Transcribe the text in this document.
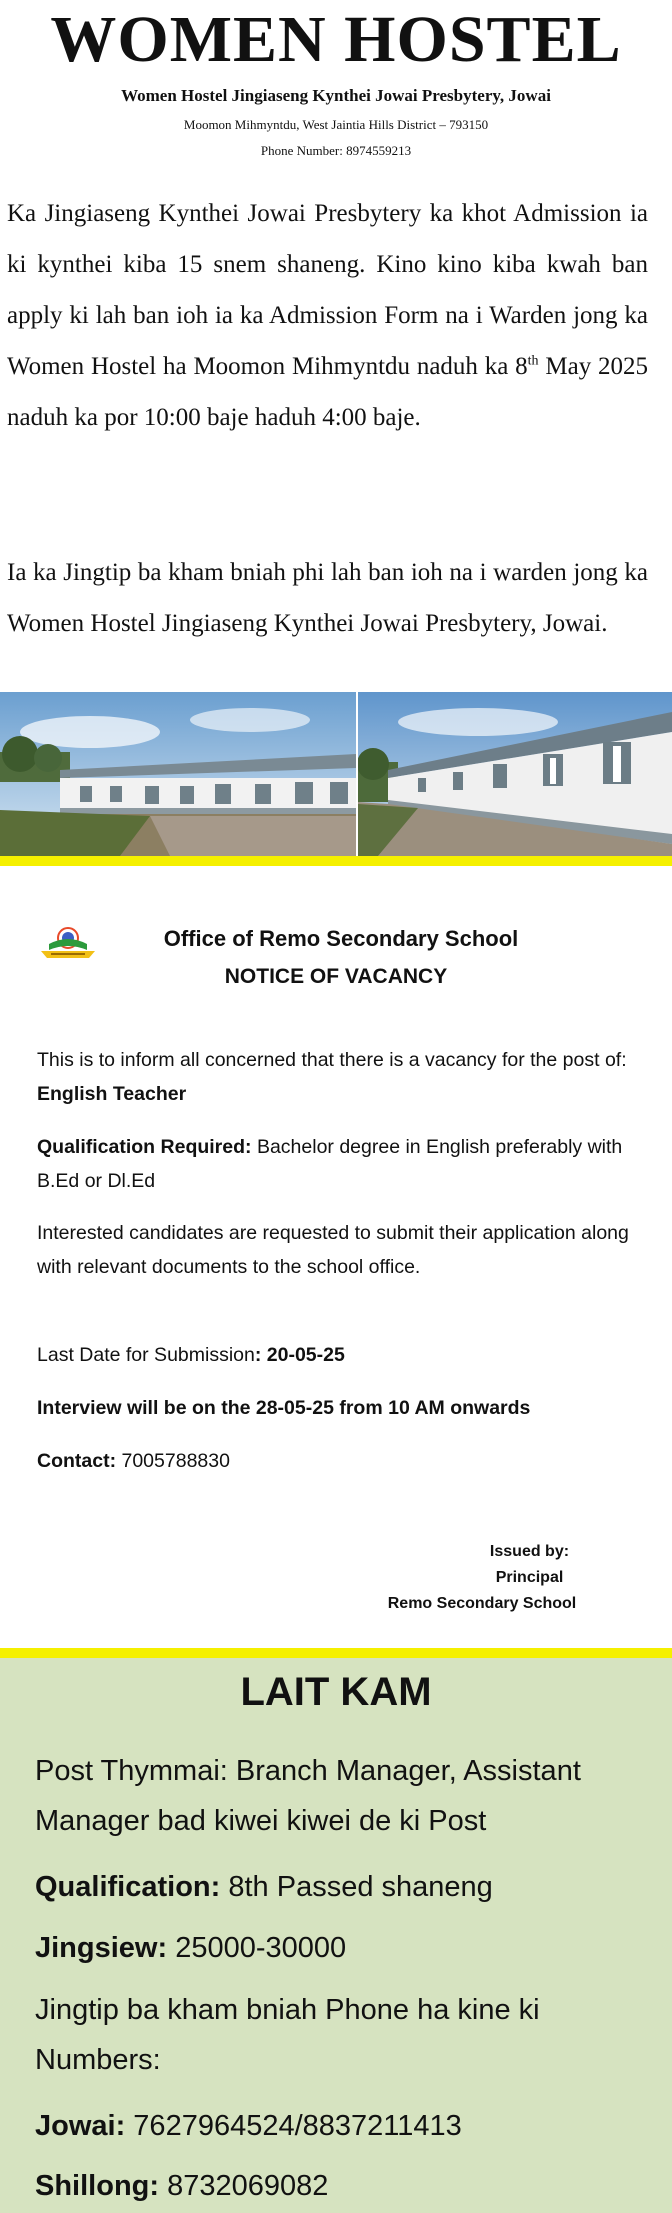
WOMEN HOSTEL
Women Hostel Jingiaseng Kynthei Jowai Presbytery, Jowai
Moomon Mihmyntdu, West Jaintia Hills District – 793150
Phone Number: 8974559213

Ka Jingiaseng Kynthei Jowai Presbytery ka khot Admission ia ki kynthei kiba 15 snem shaneng. Kino kino kiba kwah ban apply ki lah ban ioh ia ka Admission Form na i Warden jong ka Women Hostel ha Moomon Mihmyntdu naduh ka 8th May 2025 naduh ka por 10:00 baje haduh 4:00 baje.

Ia ka Jingtip ba kham bniah phi lah ban ioh na i warden jong ka Women Hostel Jingiaseng Kynthei Jowai Presbytery, Jowai.

Office of Remo Secondary School
NOTICE OF VACANCY

This is to inform all concerned that there is a vacancy for the post of: English Teacher

Qualification Required: Bachelor degree in English preferably with B.Ed or Dl.Ed

Interested candidates are requested to submit their application along with relevant documents to the school office.

Last Date for Submission: 20-05-25

Interview will be on the 28-05-25 from 10 AM onwards

Contact: 7005788830

Issued by:
Principal
Remo Secondary School
LAIT KAM

Post Thymmai: Branch Manager, Assistant Manager bad kiwei kiwei de ki Post

Qualification: 8th Passed shaneng

Jingsiew: 25000-30000

Jingtip ba kham bniah Phone ha kine ki Numbers:

Jowai: 7627964524/8837211413

Shillong: 8732069082
